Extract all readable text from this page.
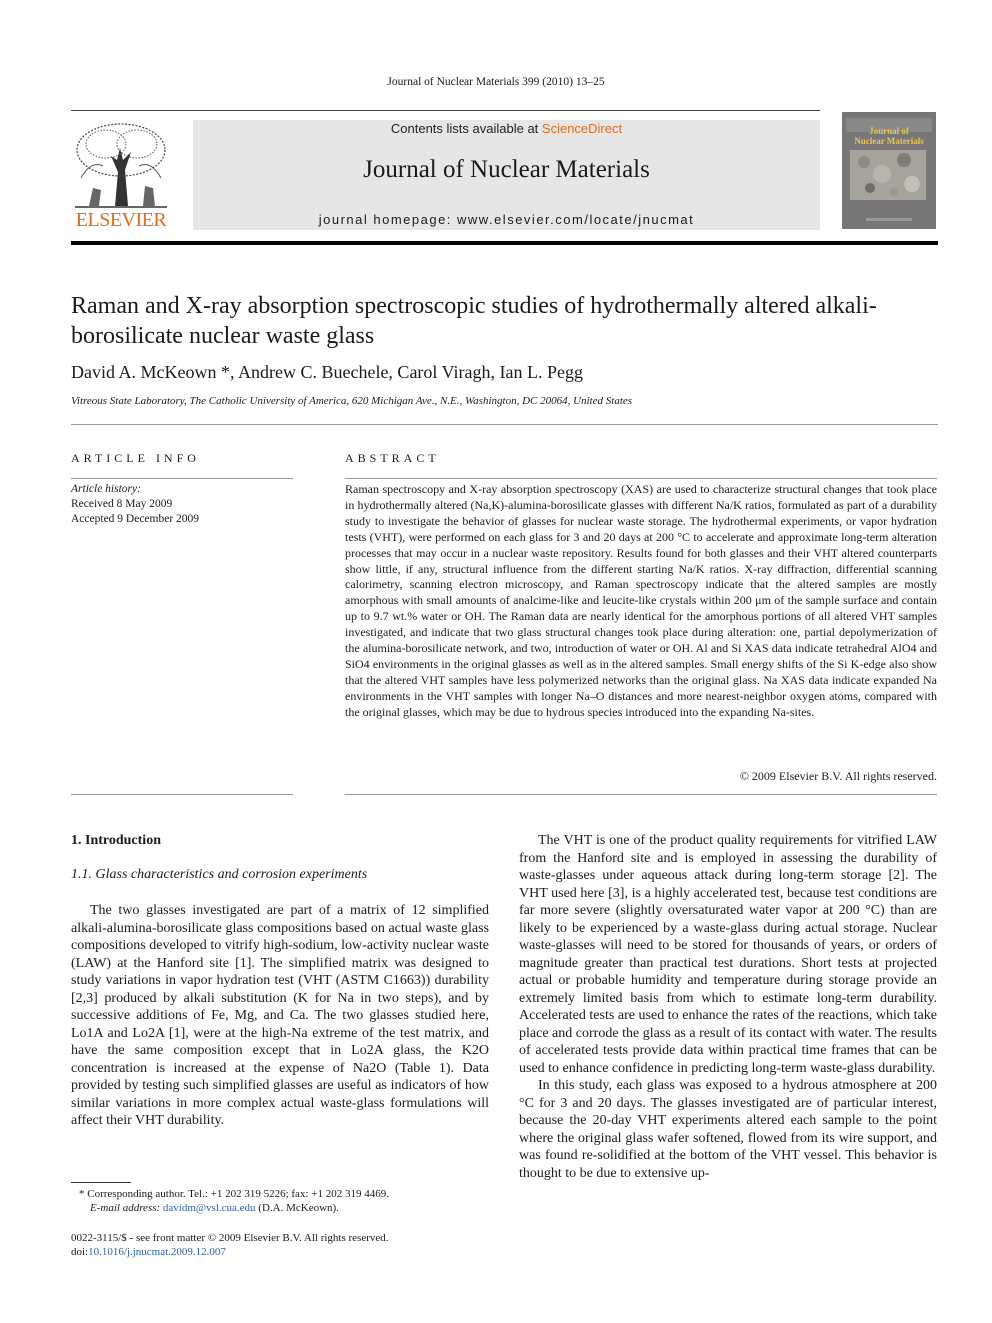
Journal of Nuclear Materials 399 (2010) 13–25
ELSEVIER
Contents lists available at ScienceDirect
Journal of Nuclear Materials
journal homepage: www.elsevier.com/locate/jnucmat
Journal of
Nuclear Materials
Raman and X-ray absorption spectroscopic studies of hydrothermally altered alkali-borosilicate nuclear waste glass
David A. McKeown *, Andrew C. Buechele, Carol Viragh, Ian L. Pegg
Vitreous State Laboratory, The Catholic University of America, 620 Michigan Ave., N.E., Washington, DC 20064, United States
ARTICLE INFO
Article history:
Received 8 May 2009
Accepted 9 December 2009
ABSTRACT
Raman spectroscopy and X-ray absorption spectroscopy (XAS) are used to characterize structural changes that took place in hydrothermally altered (Na,K)-alumina-borosilicate glasses with different Na/K ratios, formulated as part of a durability study to investigate the behavior of glasses for nuclear waste storage. The hydrothermal experiments, or vapor hydration tests (VHT), were performed on each glass for 3 and 20 days at 200 °C to accelerate and approximate long-term alteration processes that may occur in a nuclear waste repository. Results found for both glasses and their VHT altered counterparts show little, if any, structural influence from the different starting Na/K ratios. X-ray diffraction, differential scanning calorimetry, scanning electron microscopy, and Raman spectroscopy indicate that the altered samples are mostly amorphous with small amounts of analcime-like and leucite-like crystals within 200 μm of the sample surface and contain up to 9.7 wt.% water or OH. The Raman data are nearly identical for the amorphous portions of all altered VHT samples investigated, and indicate that two glass structural changes took place during alteration: one, partial depolymerization of the alumina-borosilicate network, and two, introduction of water or OH. Al and Si XAS data indicate tetrahedral AlO4 and SiO4 environments in the original glasses as well as in the altered samples. Small energy shifts of the Si K-edge also show that the altered VHT samples have less polymerized networks than the original glass. Na XAS data indicate expanded Na environments in the VHT samples with longer Na–O distances and more nearest-neighbor oxygen atoms, compared with the original glasses, which may be due to hydrous species introduced into the expanding Na-sites.
© 2009 Elsevier B.V. All rights reserved.
1. Introduction
1.1. Glass characteristics and corrosion experiments

The two glasses investigated are part of a matrix of 12 simplified alkali-alumina-borosilicate glass compositions based on actual waste glass compositions developed to vitrify high-sodium, low-activity nuclear waste (LAW) at the Hanford site [1]. The simplified matrix was designed to study variations in vapor hydration test (VHT (ASTM C1663)) durability [2,3] produced by alkali substitution (K for Na in two steps), and by successive additions of Fe, Mg, and Ca. The two glasses studied here, Lo1A and Lo2A [1], were at the high-Na extreme of the test matrix, and have the same composition except that in Lo2A glass, the K2O concentration is increased at the expense of Na2O (Table 1). Data provided by testing such simplified glasses are useful as indicators of how similar variations in more complex actual waste-glass formulations will affect their VHT durability.

The VHT is one of the product quality requirements for vitrified LAW from the Hanford site and is employed in assessing the durability of waste-glasses under aqueous attack during long-term storage [2]. The VHT used here [3], is a highly accelerated test, because test conditions are far more severe (slightly oversaturated water vapor at 200 °C) than are likely to be experienced by a waste-glass during actual storage. Nuclear waste-glasses will need to be stored for thousands of years, or orders of magnitude greater than practical test durations. Short tests at projected actual or probable humidity and temperature during storage provide an extremely limited basis from which to estimate long-term durability. Accelerated tests are used to enhance the rates of the reactions, which take place and corrode the glass as a result of its contact with water. The results of accelerated tests provide data within practical time frames that can be used to enhance confidence in predicting long-term waste-glass durability.

In this study, each glass was exposed to a hydrous atmosphere at 200 °C for 3 and 20 days. The glasses investigated are of particular interest, because the 20-day VHT experiments altered each sample to the point where the original glass wafer softened, flowed from its wire support, and was found re-solidified at the bottom of the VHT vessel. This behavior is thought to be due to extensive up-

* Corresponding author. Tel.: +1 202 319 5226; fax: +1 202 319 4469.
E-mail address: davidm@vsl.cua.edu (D.A. McKeown).
0022-3115/$ - see front matter © 2009 Elsevier B.V. All rights reserved.
doi:10.1016/j.jnucmat.2009.12.007
